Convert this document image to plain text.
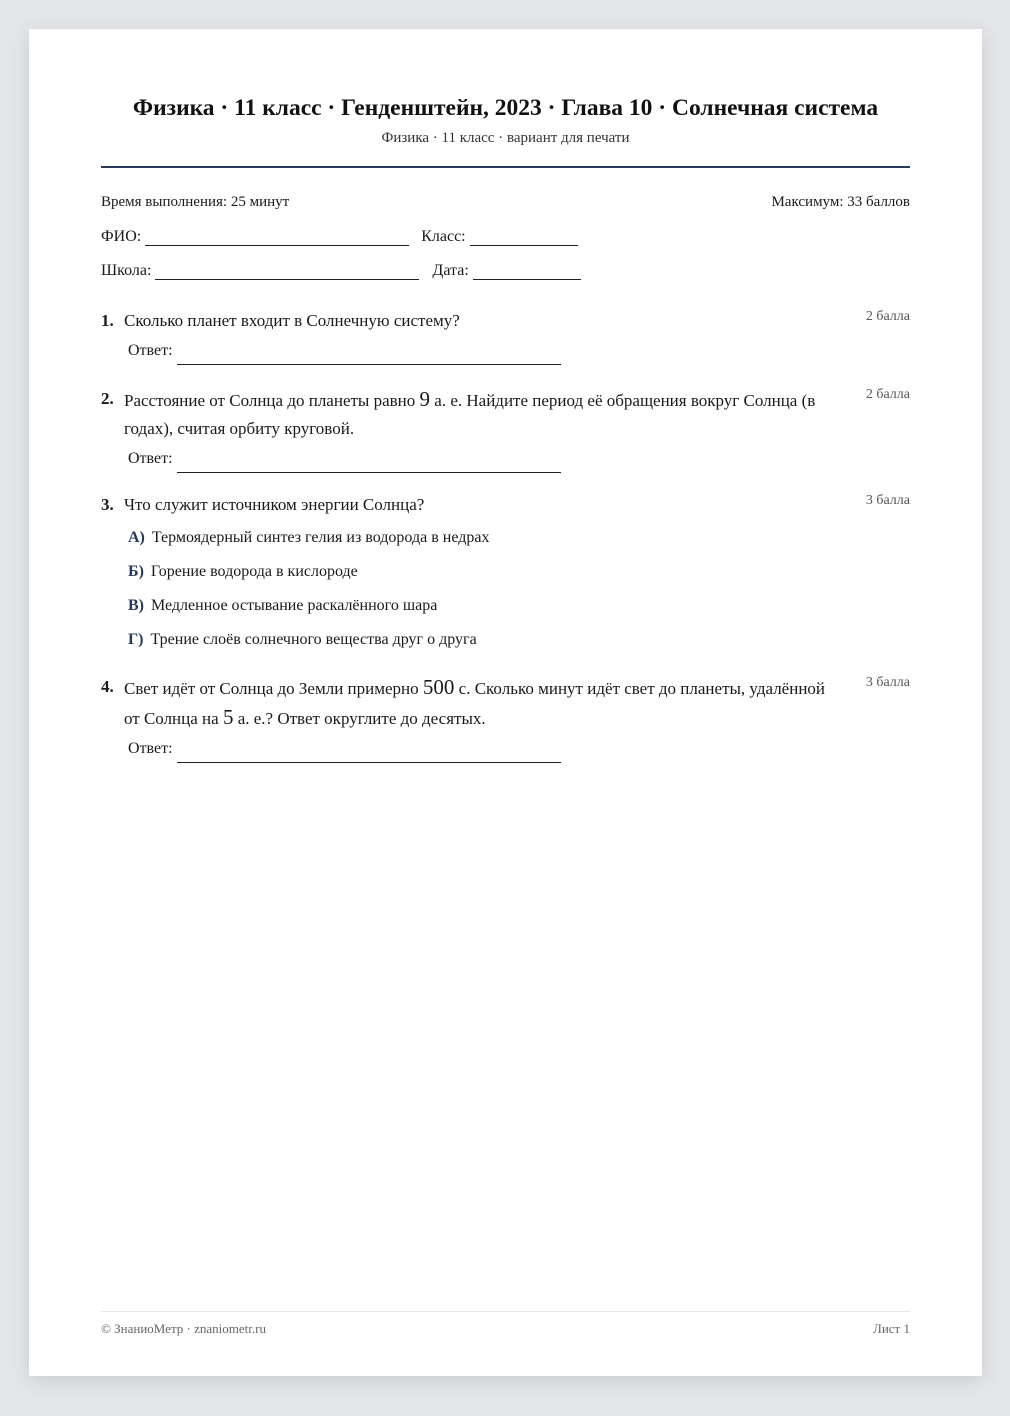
Физика · 11 класс · Генденштейн, 2023 · Глава 10 · Солнечная система
Физика · 11 класс · вариант для печати
Время выполнения: 25 минут	Максимум: 33 баллов
ФИО:	Класс:
Школа:	Дата:
1. Сколько планет входит в Солнечную систему?	2 балла
Ответ:
2. Расстояние от Солнца до планеты равно 9 а. е. Найдите период её обращения вокруг Солнца (в годах), считая орбиту круговой.
2 балла
Ответ:
3. Что служит источником энергии Солнца?	3 балла
А) Термоядерный синтез гелия из водорода в недрах
Б) Горение водорода в кислороде
В) Медленное остывание раскалённого шара
Г) Трение слоёв солнечного вещества друг о друга
4. Свет идёт от Солнца до Земли примерно 500 с. Сколько минут идёт свет до планеты, удалённой от Солнца на 5 а. е.? Ответ округлите до десятых.
3 балла
Ответ:
© ЗнаниоМетр · znaniometr.ru	Лист 1
